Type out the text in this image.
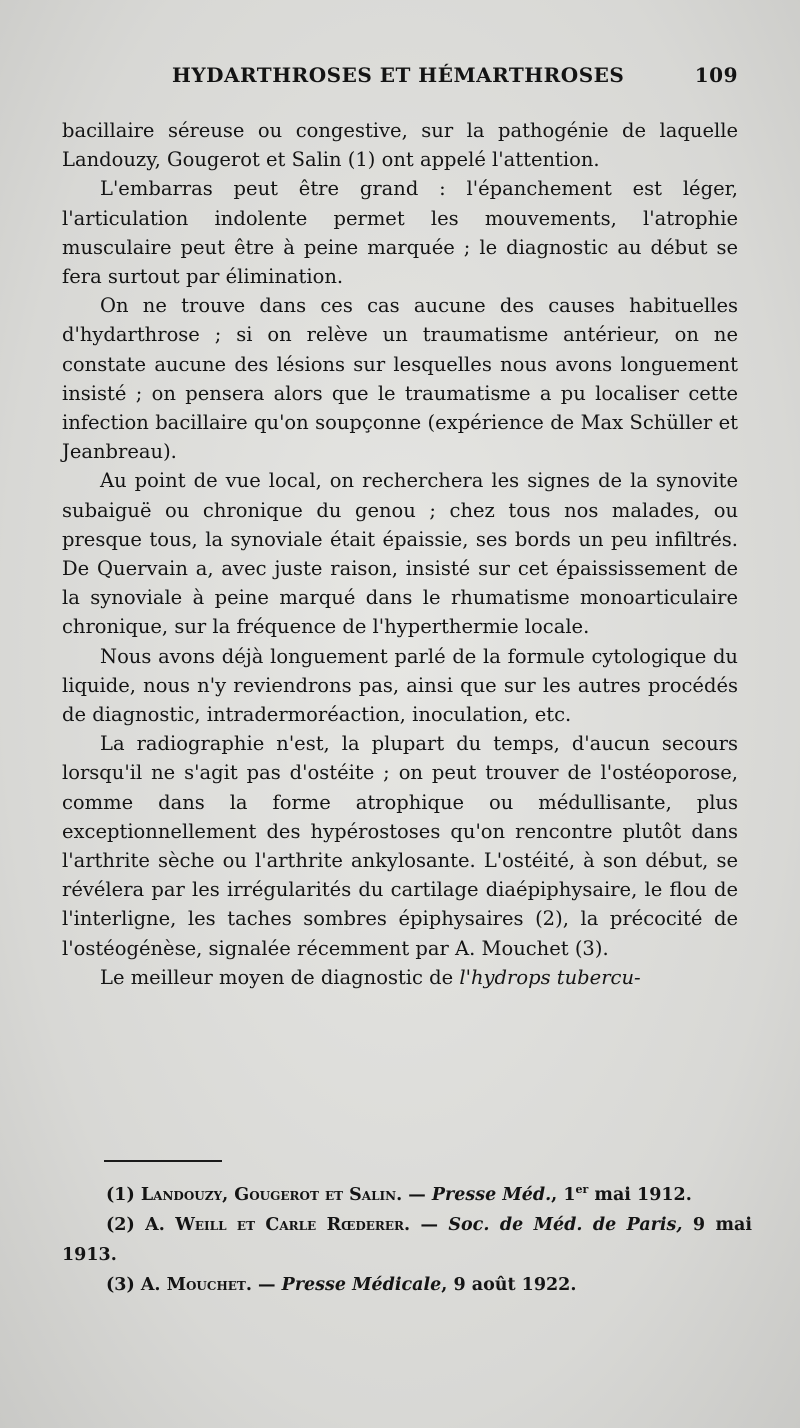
HYDARTHROSES ET HÉMARTHROSES	109

bacillaire séreuse ou congestive, sur la pathogénie de laquelle Landouzy, Gougerot et Salin (1) ont appelé l'attention.

L'embarras peut être grand : l'épanchement est léger, l'articulation indolente permet les mouvements, l'atrophie musculaire peut être à peine marquée ; le diagnostic au début se fera surtout par élimination.

On ne trouve dans ces cas aucune des causes habituelles d'hydarthrose ; si on relève un traumatisme antérieur, on ne constate aucune des lésions sur lesquelles nous avons longuement insisté ; on pensera alors que le traumatisme a pu localiser cette infection bacillaire qu'on soupçonne (expérience de Max Schüller et Jeanbreau).

Au point de vue local, on recherchera les signes de la synovite subaiguë ou chronique du genou ; chez tous nos malades, ou presque tous, la synoviale était épaissie, ses bords un peu infiltrés. De Quervain a, avec juste raison, insisté sur cet épaississement de la synoviale à peine marqué dans le rhumatisme monoarticulaire chronique, sur la fréquence de l'hyperthermie locale.

Nous avons déjà longuement parlé de la formule cytologique du liquide, nous n'y reviendrons pas, ainsi que sur les autres procédés de diagnostic, intradermoréaction, inoculation, etc.

La radiographie n'est, la plupart du temps, d'aucun secours lorsqu'il ne s'agit pas d'ostéite ; on peut trouver de l'ostéoporose, comme dans la forme atrophique ou médullisante, plus exceptionnellement des hypérostoses qu'on rencontre plutôt dans l'arthrite sèche ou l'arthrite ankylosante. L'ostéité, à son début, se révélera par les irrégularités du cartilage diaépiphysaire, le flou de l'interligne, les taches sombres épiphysaires (2), la précocité de l'ostéogénèse, signalée récemment par A. Mouchet (3).

Le meilleur moyen de diagnostic de l'hydrops tubercu-

(1) Landouzy, Gougerot et Salin. — Presse Méd., 1er mai 1912.

(2) A. Weill et Carle Rœderer. — Soc. de Méd. de Paris, 9 mai 1913.

(3) A. Mouchet. — Presse Médicale, 9 août 1922.
